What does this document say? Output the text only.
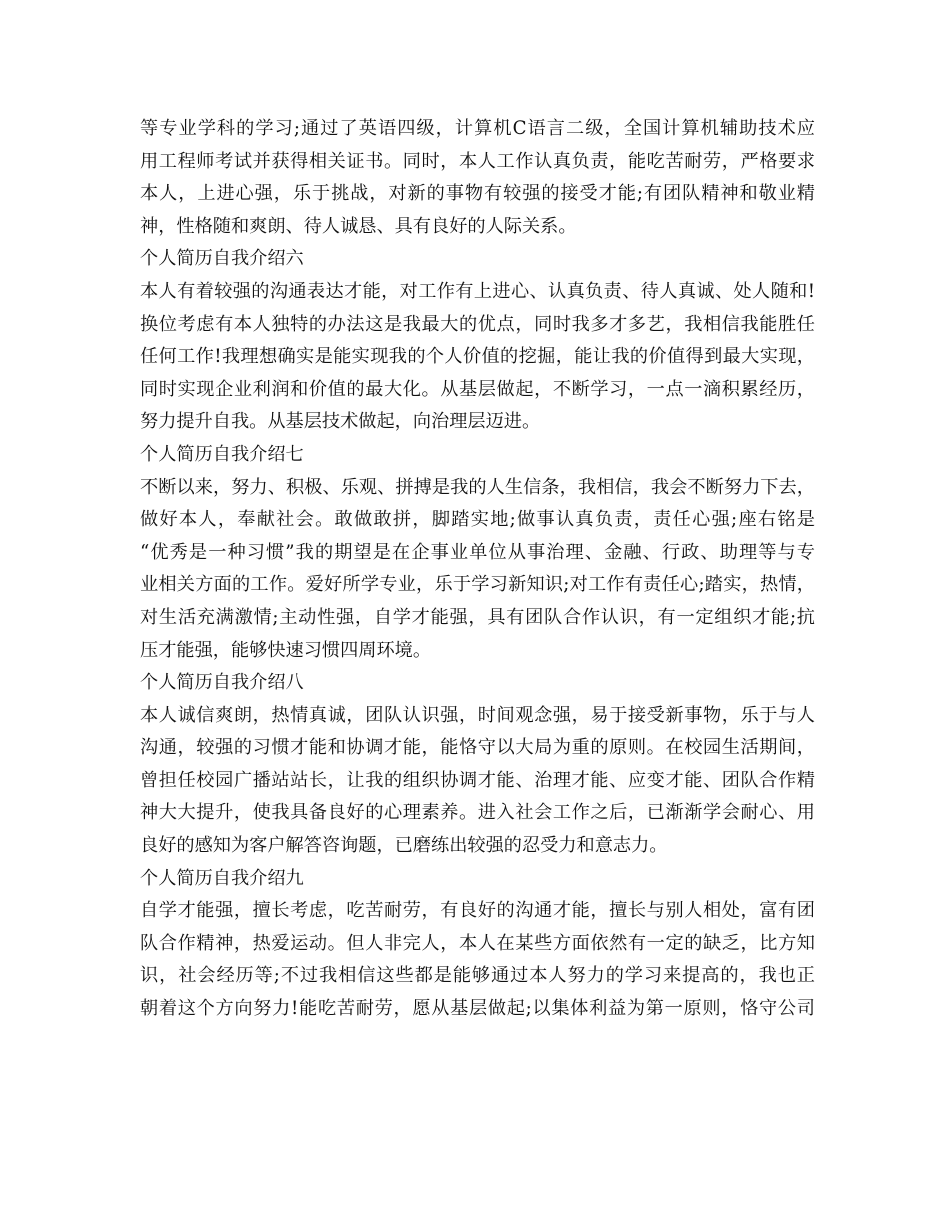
等专业学科的学习;通过了英语四级，计算机C语言二级，全国计算机辅助技术应
用工程师考试并获得相关证书。同时，本人工作认真负责，能吃苦耐劳，严格要求
本人，上进心强，乐于挑战，对新的事物有较强的接受才能;有团队精神和敬业精
神，性格随和爽朗、待人诚恳、具有良好的人际关系。
个人简历自我介绍六
本人有着较强的沟通表达才能，对工作有上进心、认真负责、待人真诚、处人随和!
换位考虑有本人独特的办法这是我最大的优点，同时我多才多艺，我相信我能胜任
任何工作!我理想确实是能实现我的个人价值的挖掘，能让我的价值得到最大实现，
同时实现企业利润和价值的最大化。从基层做起，不断学习，一点一滴积累经历，
努力提升自我。从基层技术做起，向治理层迈进。
个人简历自我介绍七
不断以来，努力、积极、乐观、拼搏是我的人生信条，我相信，我会不断努力下去，
做好本人，奉献社会。敢做敢拼，脚踏实地;做事认真负责，责任心强;座右铭是
“优秀是一种习惯”我的期望是在企事业单位从事治理、金融、行政、助理等与专
业相关方面的工作。爱好所学专业，乐于学习新知识;对工作有责任心;踏实，热情，
对生活充满激情;主动性强，自学才能强，具有团队合作认识，有一定组织才能;抗
压才能强，能够快速习惯四周环境。
个人简历自我介绍八
本人诚信爽朗，热情真诚，团队认识强，时间观念强，易于接受新事物，乐于与人
沟通，较强的习惯才能和协调才能，能恪守以大局为重的原则。在校园生活期间，
曾担任校园广播站站长，让我的组织协调才能、治理才能、应变才能、团队合作精
神大大提升，使我具备良好的心理素养。进入社会工作之后，已渐渐学会耐心、用
良好的感知为客户解答咨询题，已磨练出较强的忍受力和意志力。
个人简历自我介绍九
自学才能强，擅长考虑，吃苦耐劳，有良好的沟通才能，擅长与别人相处，富有团
队合作精神，热爱运动。但人非完人，本人在某些方面依然有一定的缺乏，比方知
识，社会经历等;不过我相信这些都是能够通过本人努力的学习来提高的，我也正
朝着这个方向努力!能吃苦耐劳，愿从基层做起;以集体利益为第一原则，恪守公司
